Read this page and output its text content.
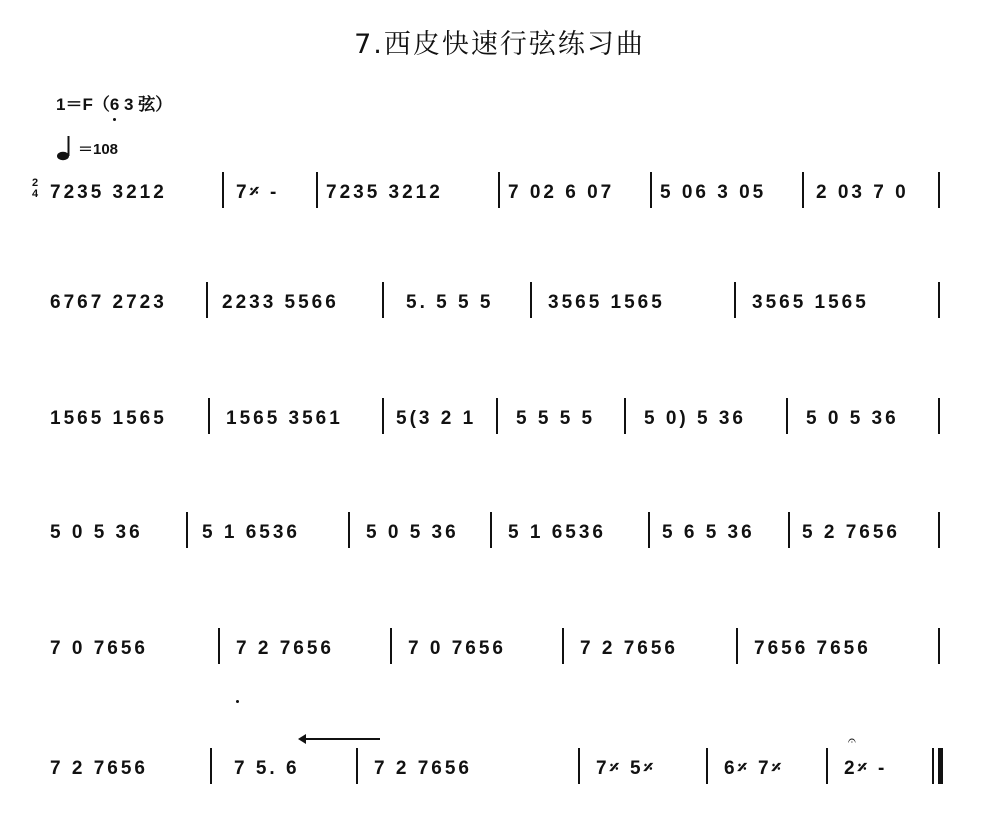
7.西皮快速行弦练习曲
1＝F（6 3 弦）
＝108
2
4 7235 3212	7𝄎 - 7235 3212	7 02 6 07 5 06 3 05	2 03 7 0
6767 2723	2233 5566	5. 5 5 5	3565 1565	3565 1565
1565 1565	1565 3561	5(3 2 1 5 5 5 5	5 0) 5 36	5 0 5 36
5 0 5 36	5 1 6536	5 0 5 36	5 1 6536	5 6 5 36 5 2 7656
7 0 7656	7 2 7656	7 0 7656	7 2 7656	7656 7656
7 2 7656	7 5. 6	7 2 7656	7𝄎 5𝄎	6𝄎 7𝄎
𝄐
2𝄎 -
